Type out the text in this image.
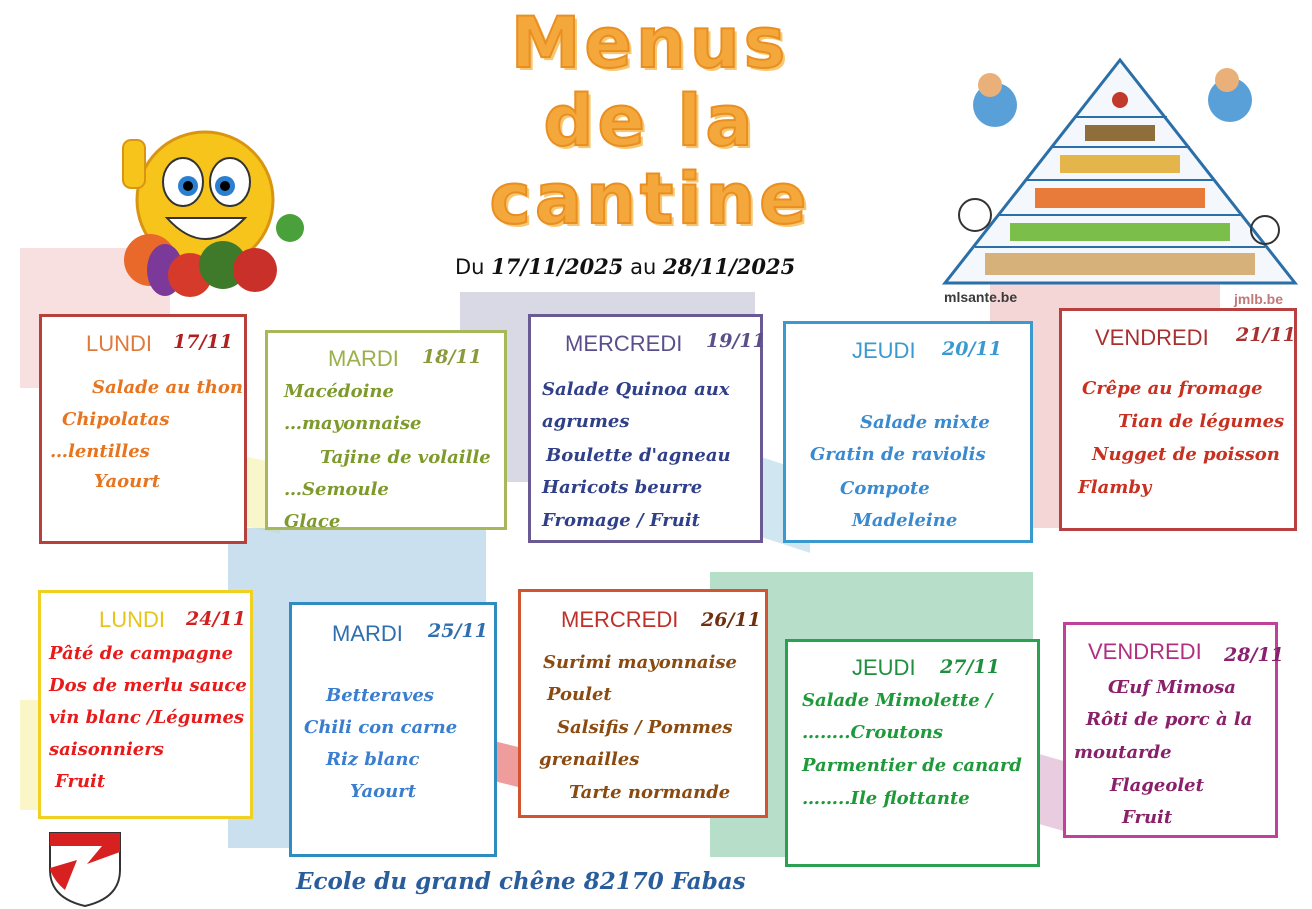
Menus
de la
cantine
Du 17/11/2025 au 28/11/2025
mlsante.be	jmlb.be
LUNDI 17/11
Salade au thon
Chipolatas
…lentilles
Yaourt
MARDI 18/11
Macédoine
…mayonnaise
Tajine de volaille
…Semoule
Glace
MERCREDI 19/11
Salade Quinoa aux
agrumes
Boulette d'agneau
Haricots beurre
Fromage / Fruit
JEUDI 20/11
Salade mixte
Gratin de raviolis
Compote
Madeleine
VENDREDI 21/11
Crêpe au fromage
Tian de légumes
Nugget de poisson
Flamby
LUNDI 24/11
Pâté de campagne
Dos de merlu sauce
vin blanc /Légumes
saisonniers
Fruit
MARDI 25/11
Betteraves
Chili con carne
Riz blanc
Yaourt
MERCREDI 26/11
Surimi mayonnaise
Poulet
Salsifis / Pommes
grenailles
Tarte normande
JEUDI 27/11
Salade Mimolette /
……..Croutons
Parmentier de canard
……..Ile flottante
VENDREDI 28/11
Œuf Mimosa
Rôti de porc à la
moutarde
Flageolet
Fruit
Ecole du grand chêne 82170 Fabas
